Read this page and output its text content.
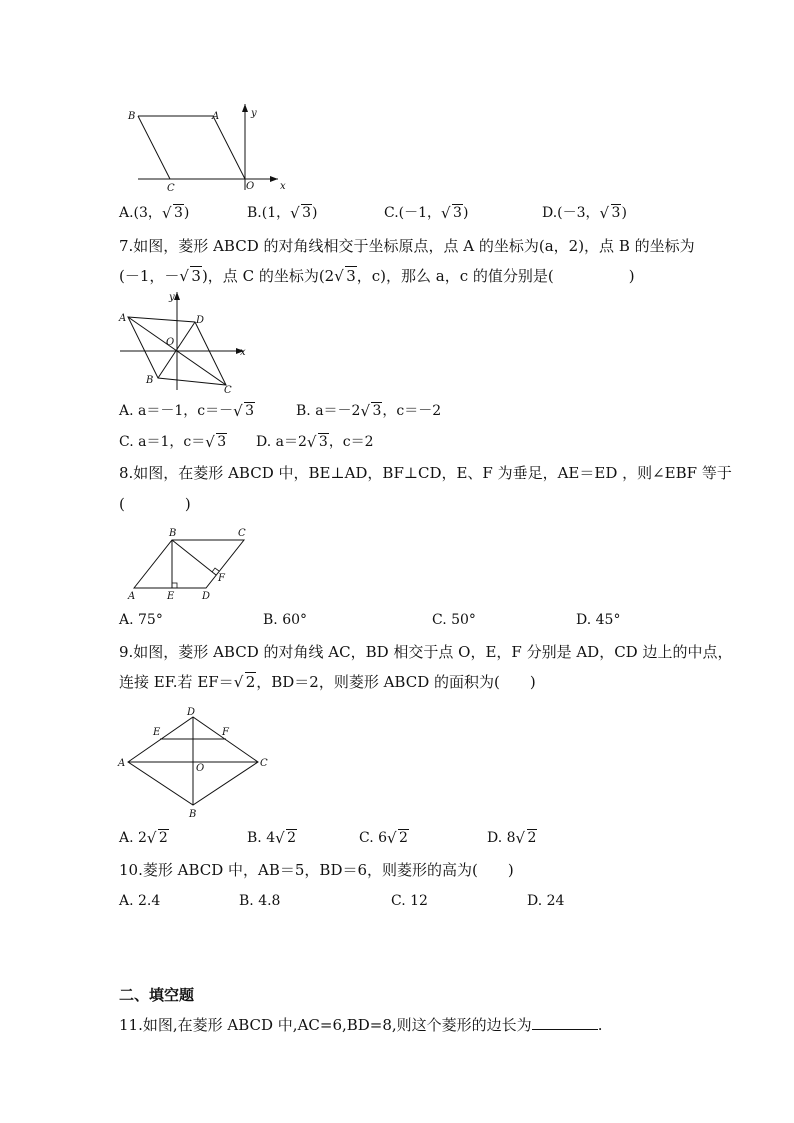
B	A
C	O	x
y
A.(3， √ 3)	B.(1， √ 3)	C.(－1， √ 3)	D.(－3， √ 3)
7.如图，菱形 ABCD 的对角线相交于坐标原点，点 A 的坐标为(a，2)，点 B 的坐标为
(－1，－ √ 3)，点 C 的坐标为(2 √ 3，c)，那么 a，c 的值分别是(　　　　　)
A	D
O
B
C
x
y
A. a＝－1，c＝－ √ 3	B. a＝－2 √ 3，c＝－2
C. a＝1，c＝ √ 3 D. a＝2 √ 3，c＝2
8.如图，在菱形 ABCD 中，BE⊥AD，BF⊥CD，E、F 为垂足，AE＝ED ，则∠EBF 等于
(　　　　)
B	C
A	E	D
F
A. 75°	B. 60°	C. 50°	D. 45°
9.如图，菱形 ABCD 的对角线 AC，BD 相交于点 O，E，F 分别是 AD，CD 边上的中点，
连接 EF.若 EF＝ √ 2，BD＝2，则菱形 ABCD 的面积为(　　)
D
E	F
A	O	C
B
A. 2 √ 2	B. 4 √ 2	C. 6 √ 2	D. 8 √ 2
10.菱形 ABCD 中，AB＝5，BD＝6，则菱形的高为(　　)
A. 2.4	B. 4.8	C. 12	D. 24
二、填空题
11.如图,在菱形 ABCD 中,AC=6,BD=8,则这个菱形的边长为	.
